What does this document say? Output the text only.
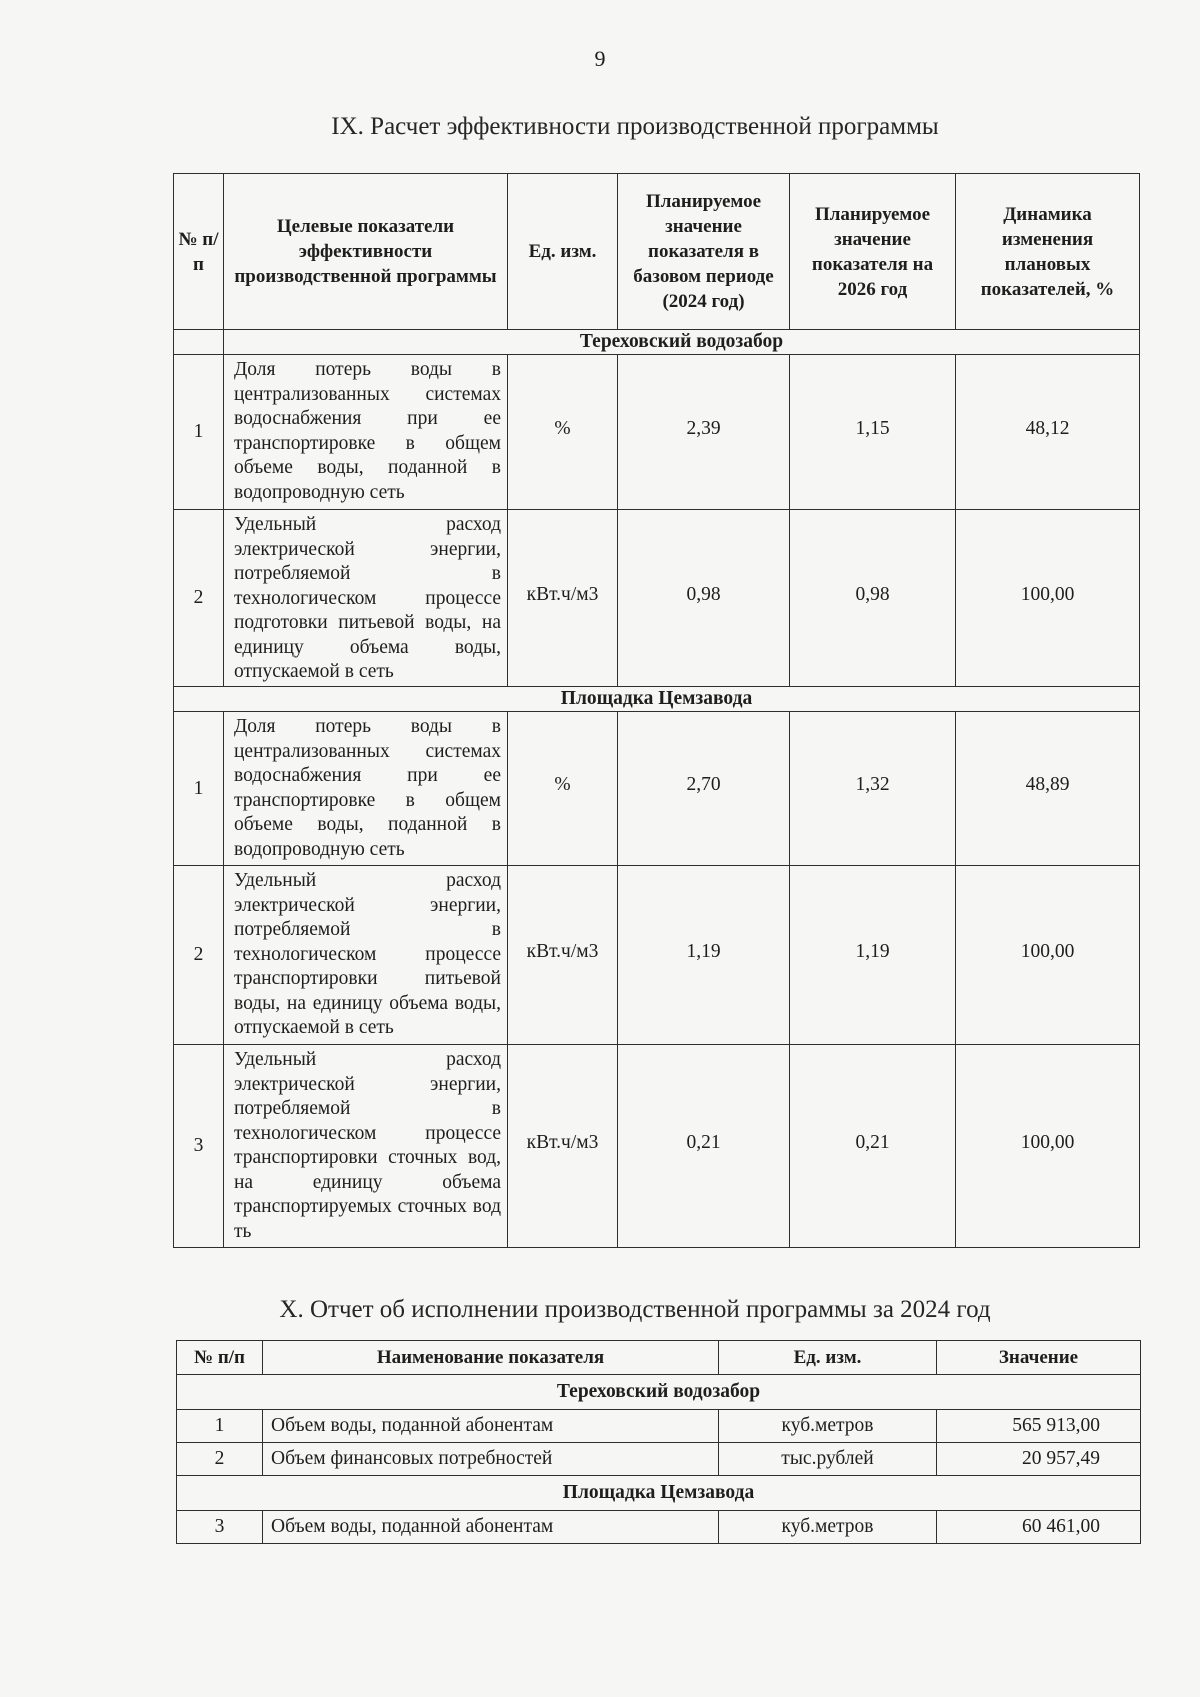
9
IX. Расчет эффективности производственной программы
№ п/п	Целевые показатели эффективности производственной программы	Ед. изм.	Планируемое значение показателя в базовом периоде (2024 год)	Планируемое значение показателя на 2026 год	Динамика изменения плановых показателей, %
	Тереховский водозабор				
1	Доля потерь воды в централизованных системах водоснабжения при ее транспортировке в общем объеме воды, поданной в водопроводную сеть	%	2,39	1,15	48,12
2	Удельный расход электрической энергии, потребляемой в технологическом процессе подготовки питьевой воды, на единицу объема воды, отпускаемой в сеть	кВт.ч/м3	0,98	0,98	100,00
Площадка Цемзавода					
1	Доля потерь воды в централизованных системах водоснабжения при ее транспортировке в общем объеме воды, поданной в водопроводную сеть	%	2,70	1,32	48,89
2	Удельный расход электрической энергии, потребляемой в технологическом процессе транспортировки питьевой воды, на единицу объема воды, отпускаемой в сеть	кВт.ч/м3	1,19	1,19	100,00
3	Удельный расход электрической энергии, потребляемой в технологическом процессе транспортировки сточных вод, на единицу объема транспортируемых сточных вод ть	кВт.ч/м3	0,21	0,21	100,00
X. Отчет об исполнении производственной программы за 2024 год
№ п/п	Наименование показателя	Ед. изм.	Значение
Тереховский водозабор			
1	Объем воды, поданной абонентам	куб.метров	565 913,00
2	Объем финансовых потребностей	тыс.рублей	20 957,49
Площадка Цемзавода			
3	Объем воды, поданной абонентам	куб.метров	60 461,00
